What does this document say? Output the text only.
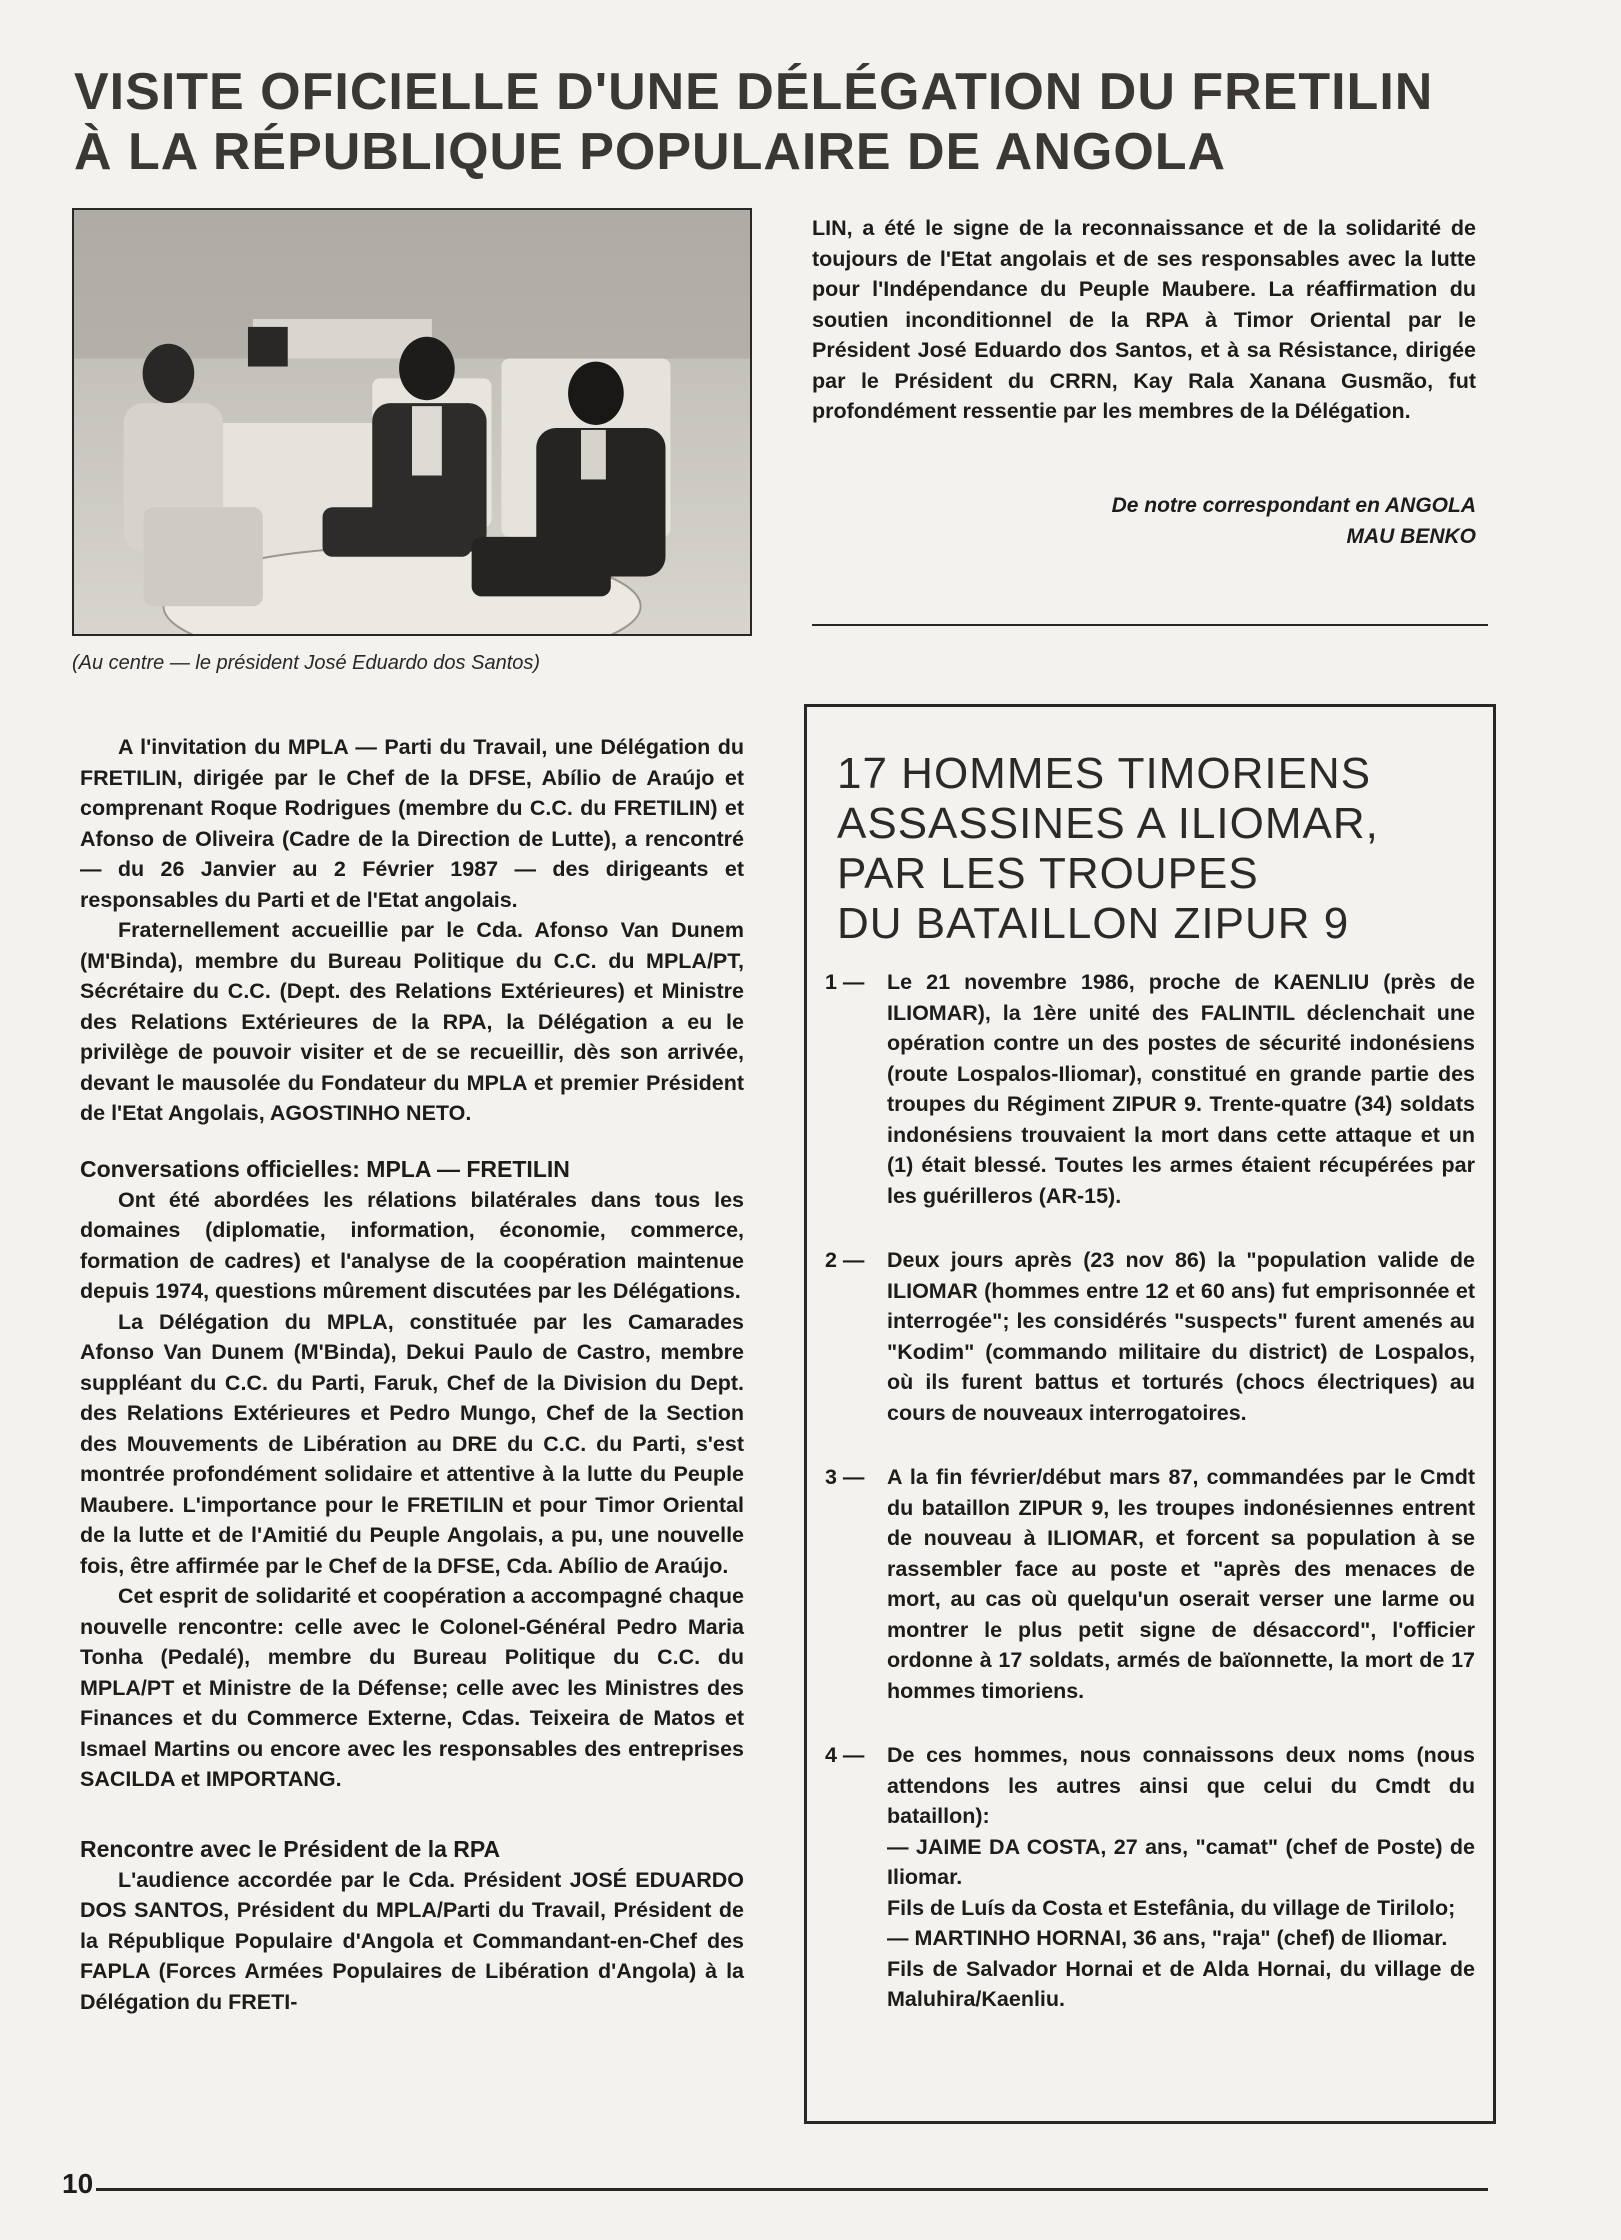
VISITE OFICIELLE D'UNE DÉLÉGATION DU FRETILIN
À LA RÉPUBLIQUE POPULAIRE DE ANGOLA

(Au centre — le président José Eduardo dos Santos)

LIN, a été le signe de la reconnaissance et de la solidarité de toujours de l'Etat angolais et de ses responsables avec la lutte pour l'Indépendance du Peuple Maubere. La réaffirmation du soutien inconditionnel de la RPA à Timor Oriental par le Président José Eduardo dos Santos, et à sa Résistance, dirigée par le Président du CRRN, Kay Rala Xanana Gusmão, fut profondément ressentie par les membres de la Délégation.

De notre correspondant en ANGOLA
MAU BENKO

A l'invitation du MPLA — Parti du Travail, une Délégation du FRETILIN, dirigée par le Chef de la DFSE, Abílio de Araújo et comprenant Roque Rodrigues (membre du C.C. du FRETILIN) et Afonso de Oliveira (Cadre de la Direction de Lutte), a rencontré — du 26 Janvier au 2 Février 1987 — des dirigeants et responsables du Parti et de l'Etat angolais.

Fraternellement accueillie par le Cda. Afonso Van Dunem (M'Binda), membre du Bureau Politique du C.C. du MPLA/PT, Sécrétaire du C.C. (Dept. des Relations Extérieures) et Ministre des Relations Extérieures de la RPA, la Délégation a eu le privilège de pouvoir visiter et de se recueillir, dès son arrivée, devant le mausolée du Fondateur du MPLA et premier Président de l'Etat Angolais, AGOSTINHO NETO.

Conversations officielles: MPLA — FRETILIN

Ont été abordées les rélations bilatérales dans tous les domaines (diplomatie, information, économie, commerce, formation de cadres) et l'analyse de la coopération maintenue depuis 1974, questions mûrement discutées par les Délégations.

La Délégation du MPLA, constituée par les Camarades Afonso Van Dunem (M'Binda), Dekui Paulo de Castro, membre suppléant du C.C. du Parti, Faruk, Chef de la Division du Dept. des Relations Extérieures et Pedro Mungo, Chef de la Section des Mouvements de Libération au DRE du C.C. du Parti, s'est montrée profondément solidaire et attentive à la lutte du Peuple Maubere. L'importance pour le FRETILIN et pour Timor Oriental de la lutte et de l'Amitié du Peuple Angolais, a pu, une nouvelle fois, être affirmée par le Chef de la DFSE, Cda. Abílio de Araújo.

Cet esprit de solidarité et coopération a accompagné chaque nouvelle rencontre: celle avec le Colonel-Général Pedro Maria Tonha (Pedalé), membre du Bureau Politique du C.C. du MPLA/PT et Ministre de la Défense; celle avec les Ministres des Finances et du Commerce Externe, Cdas. Teixeira de Matos et Ismael Martins ou encore avec les responsables des entreprises SACILDA et IMPORTANG.

Rencontre avec le Président de la RPA

L'audience accordée par le Cda. Président JOSÉ EDUARDO DOS SANTOS, Président du MPLA/Parti du Travail, Président de la République Populaire d'Angola et Commandant-en-Chef des FAPLA (Forces Armées Populaires de Libération d'Angola) à la Délégation du FRETI-

17 HOMMES TIMORIENS
ASSASSINES A ILIOMAR,
PAR LES TROUPES
DU BATAILLON ZIPUR 9
1 —	Le 21 novembre 1986, proche de KAENLIU (près de ILIOMAR), la 1ère unité des FALINTIL déclenchait une opération contre un des postes de sécurité indonésiens (route Lospalos-Iliomar), constitué en grande partie des troupes du Régiment ZIPUR 9. Trente-quatre (34) soldats indonésiens trouvaient la mort dans cette attaque et un (1) était blessé. Toutes les armes étaient récupérées par les guérilleros (AR-15).

2 —	Deux jours après (23 nov 86) la "population valide de ILIOMAR (hommes entre 12 et 60 ans) fut emprisonnée et interrogée"; les considérés "suspects" furent amenés au "Kodim" (commando militaire du district) de Lospalos, où ils furent battus et torturés (chocs électriques) au cours de nouveaux interrogatoires.

3 —	A la fin février/début mars 87, commandées par le Cmdt du bataillon ZIPUR 9, les troupes indonésiennes entrent de nouveau à ILIOMAR, et forcent sa population à se rassembler face au poste et "après des menaces de mort, au cas où quelqu'un oserait verser une larme ou montrer le plus petit signe de désaccord", l'officier ordonne à 17 soldats, armés de baïonnette, la mort de 17 hommes timoriens.

4 —	De ces hommes, nous connaissons deux noms (nous attendons les autres ainsi que celui du Cmdt du bataillon):

— JAIME DA COSTA, 27 ans, "camat" (chef de Poste) de Iliomar.

Fils de Luís da Costa et Estefânia, du village de Tirilolo;

— MARTINHO HORNAI, 36 ans, "raja" (chef) de Iliomar.

Fils de Salvador Hornai et de Alda Hornai, du village de Maluhira/Kaenliu.

10
